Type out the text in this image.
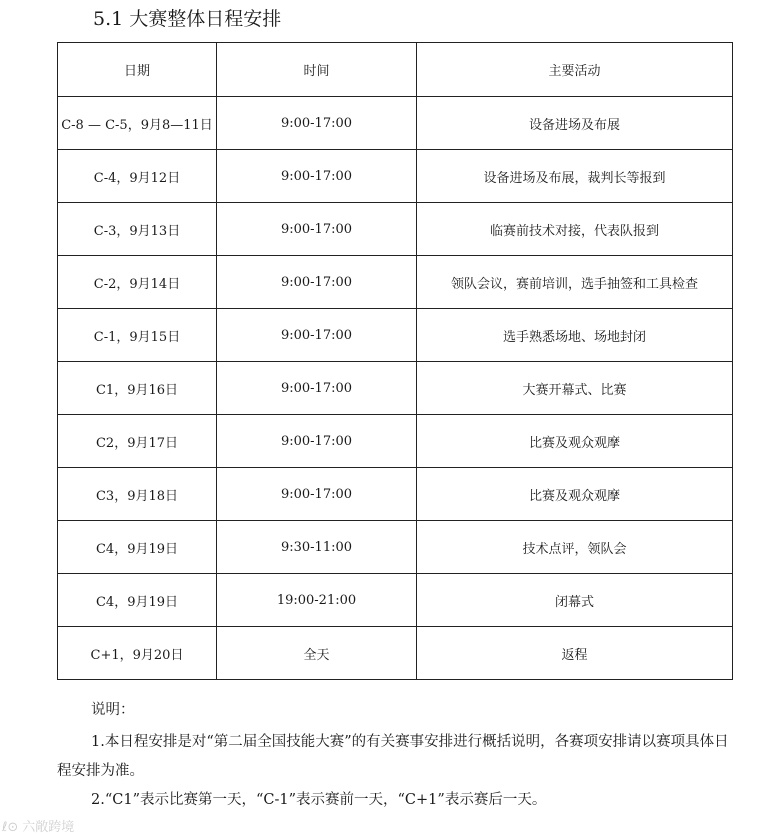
5.1 大赛整体日程安排
日期	时间	主要活动
C-8 — C-5，9月8—11日	9:00-17:00	设备进场及布展
C-4，9月12日	9:00-17:00	设备进场及布展，裁判长等报到
C-3，9月13日	9:00-17:00	临赛前技术对接，代表队报到
C-2，9月14日	9:00-17:00	领队会议，赛前培训，选手抽签和工具检查
C-1，9月15日	9:00-17:00	选手熟悉场地、场地封闭
C1，9月16日	9:00-17:00	大赛开幕式、比赛
C2，9月17日	9:00-17:00	比赛及观众观摩
C3，9月18日	9:00-17:00	比赛及观众观摩
C4，9月19日	9:30-11:00	技术点评，领队会
C4，9月19日	19:00-21:00	闭幕式
C+1，9月20日	全天	返程

说明：

1.本日程安排是对“第二届全国技能大赛”的有关赛事安排进行概括说明，各赛项安排请以赛项具体日程安排为准。

2.“C1”表示比赛第一天，“C-1”表示赛前一天，“C+1”表示赛后一天。

ℓ⊙ 六敞跨境
